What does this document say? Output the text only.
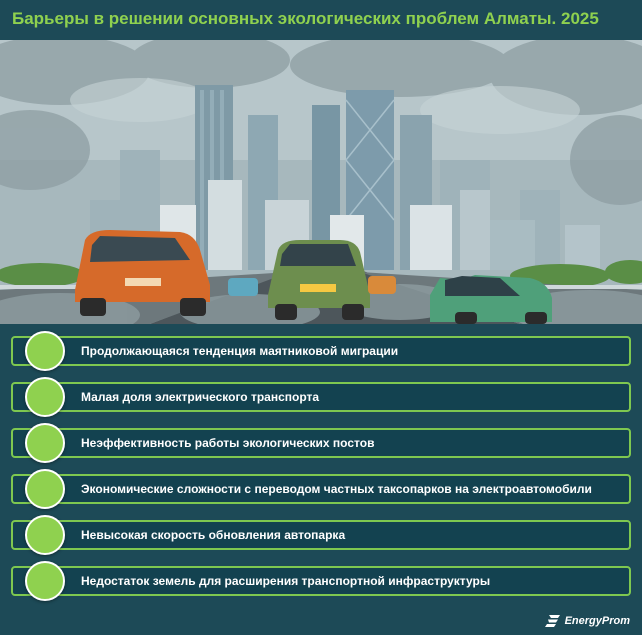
Барьеры в решении основных экологических проблем Алматы. 2025
Продолжающаяся тенденция маятниковой миграции
Малая доля электрического транспорта
Неэффективность работы экологических постов
Экономические сложности с переводом частных таксопарков на электроавтомобили
Невысокая скорость обновления автопарка
Недостаток земель для расширения транспортной инфраструктуры
EnergyProm
